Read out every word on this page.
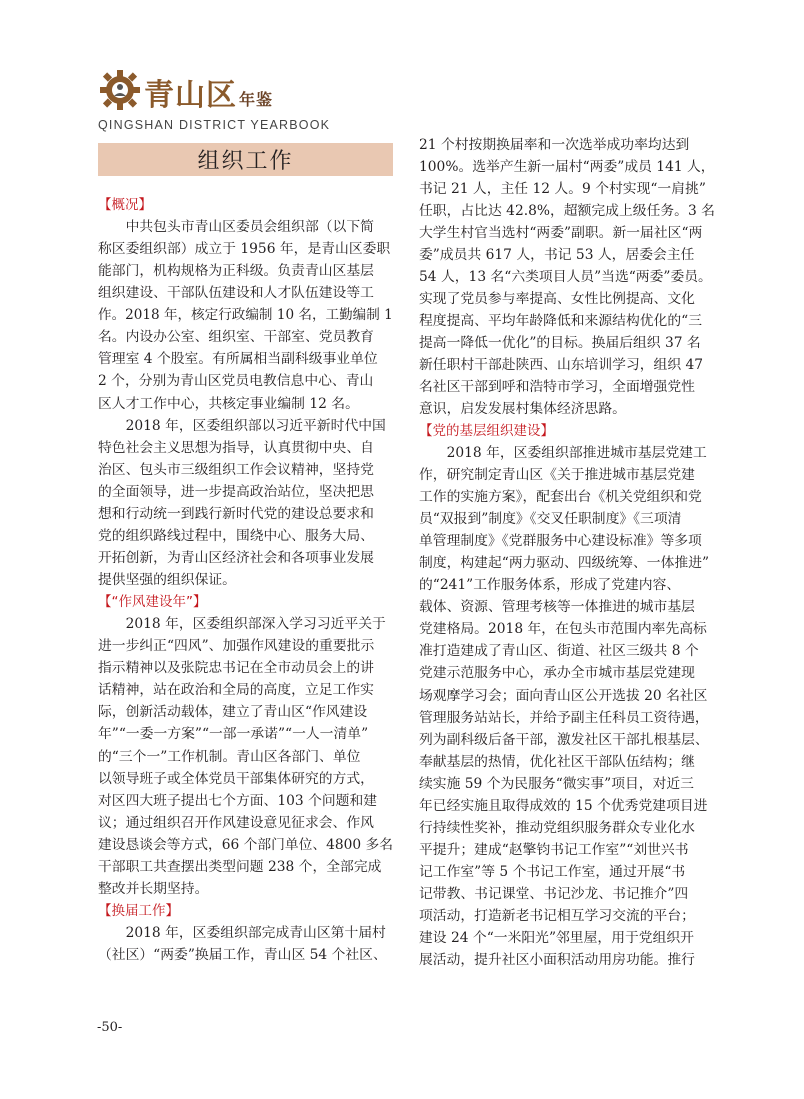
青山区 年鉴
QINGSHAN DISTRICT YEARBOOK
组织工作
【概况】
　　中共包头市青山区委员会组织部（以下简
称区委组织部）成立于 1956 年，是青山区委职
能部门，机构规格为正科级。负责青山区基层
组织建设、干部队伍建设和人才队伍建设等工
作。2018 年，核定行政编制 10 名，工勤编制 1
名。内设办公室、组织室、干部室、党员教育
管理室 4 个股室。有所属相当副科级事业单位
2 个，分别为青山区党员电教信息中心、青山
区人才工作中心，共核定事业编制 12 名。
　　2018 年，区委组织部以习近平新时代中国
特色社会主义思想为指导，认真贯彻中央、自
治区、包头市三级组织工作会议精神，坚持党
的全面领导，进一步提高政治站位，坚决把思
想和行动统一到践行新时代党的建设总要求和
党的组织路线过程中，围绕中心、服务大局、
开拓创新，为青山区经济社会和各项事业发展
提供坚强的组织保证。
【“作风建设年”】
　　2018 年，区委组织部深入学习习近平关于
进一步纠正“四风”、加强作风建设的重要批示
指示精神以及张院忠书记在全市动员会上的讲
话精神，站在政治和全局的高度，立足工作实
际，创新活动载体，建立了青山区“作风建设
年”“一委一方案”“一部一承诺”“一人一清单”
的“三个一”工作机制。青山区各部门、单位
以领导班子或全体党员干部集体研究的方式，
对区四大班子提出七个方面、103 个问题和建
议；通过组织召开作风建设意见征求会、作风
建设恳谈会等方式，66 个部门单位、4800 多名
干部职工共查摆出类型问题 238 个，全部完成
整改并长期坚持。
【换届工作】
　　2018 年，区委组织部完成青山区第十届村
（社区）“两委”换届工作，青山区 54 个社区、
21 个村按期换届率和一次选举成功率均达到
100%。选举产生新一届村“两委”成员 141 人，
书记 21 人，主任 12 人。9 个村实现“一肩挑”
任职，占比达 42.8%，超额完成上级任务。3 名
大学生村官当选村“两委”副职。新一届社区“两
委”成员共 617 人，书记 53 人，居委会主任
54 人，13 名“六类项目人员”当选“两委”委员。
实现了党员参与率提高、女性比例提高、文化
程度提高、平均年龄降低和来源结构优化的“三
提高一降低一优化”的目标。换届后组织 37 名
新任职村干部赴陕西、山东培训学习，组织 47
名社区干部到呼和浩特市学习，全面增强党性
意识，启发发展村集体经济思路。
【党的基层组织建设】
　　2018 年，区委组织部推进城市基层党建工
作，研究制定青山区《关于推进城市基层党建
工作的实施方案》，配套出台《机关党组织和党
员“双报到”制度》《交叉任职制度》《三项清
单管理制度》《党群服务中心建设标准》等多项
制度，构建起“两力驱动、四级统筹、一体推进”
的“241”工作服务体系，形成了党建内容、
载体、资源、管理考核等一体推进的城市基层
党建格局。2018 年，在包头市范围内率先高标
准打造建成了青山区、街道、社区三级共 8 个
党建示范服务中心，承办全市城市基层党建现
场观摩学习会；面向青山区公开选拔 20 名社区
管理服务站站长，并给予副主任科员工资待遇，
列为副科级后备干部，激发社区干部扎根基层、
奉献基层的热情，优化社区干部队伍结构；继
续实施 59 个为民服务“微实事”项目，对近三
年已经实施且取得成效的 15 个优秀党建项目进
行持续性奖补，推动党组织服务群众专业化水
平提升；建成“赵擎钧书记工作室”“刘世兴书
记工作室”等 5 个书记工作室，通过开展“书
记带教、书记课堂、书记沙龙、书记推介”四
项活动，打造新老书记相互学习交流的平台；
建设 24 个“一米阳光”邻里屋，用于党组织开
展活动，提升社区小面积活动用房功能。推行
-50-
